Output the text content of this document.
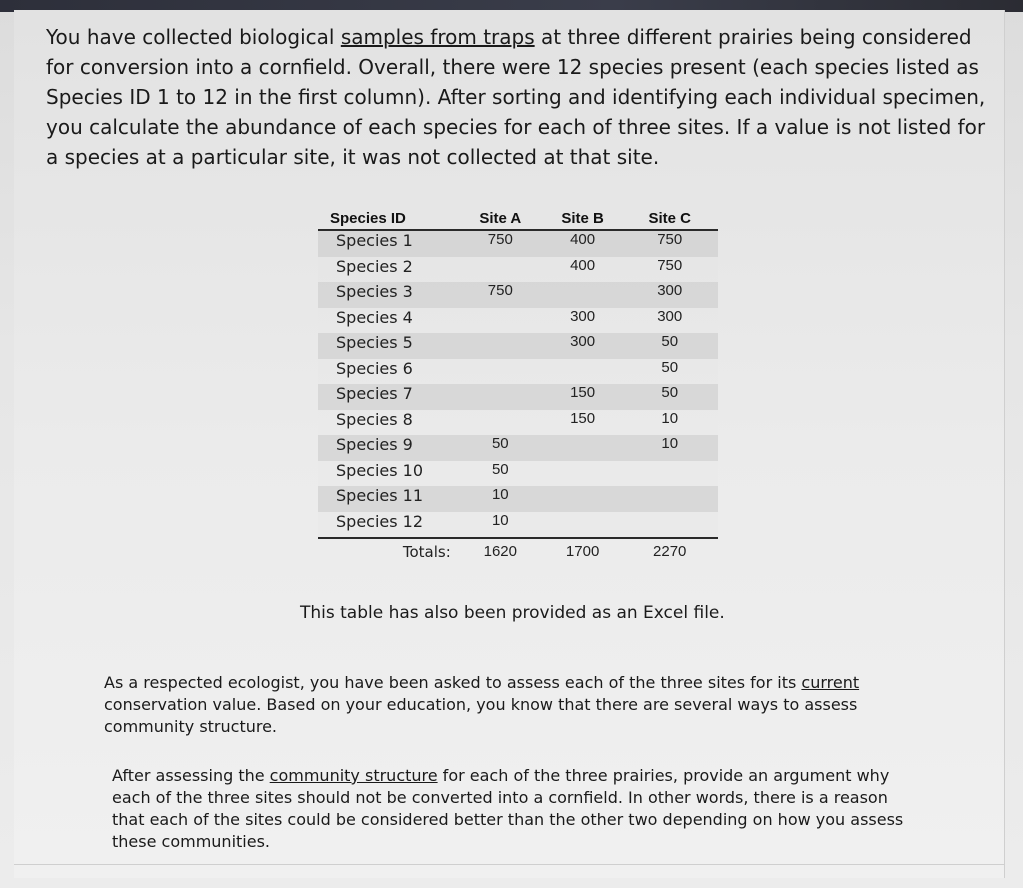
You have collected biological samples from traps at three different prairies being considered for conversion into a cornfield. Overall, there were 12 species present (each species listed as Species ID 1 to 12 in the first column). After sorting and identifying each individual specimen, you calculate the abundance of each species for each of three sites. If a value is not listed for a species at a particular site, it was not collected at that site.
Species ID	Site A	Site B	Site C
Species 1	750	400	750
Species 2		400	750
Species 3	750		300
Species 4		300	300
Species 5		300	50
Species 6			50
Species 7		150	50
Species 8		150	10
Species 9	50		10
Species 10	50		
Species 11	10		
Species 12	10		
Totals:	1620	1700	2270
This table has also been provided as an Excel file.
As a respected ecologist, you have been asked to assess each of the three sites for its current conservation value. Based on your education, you know that there are several ways to assess community structure.
After assessing the community structure for each of the three prairies, provide an argument why each of the three sites should not be converted into a cornfield. In other words, there is a reason that each of the sites could be considered better than the other two depending on how you assess these communities.
